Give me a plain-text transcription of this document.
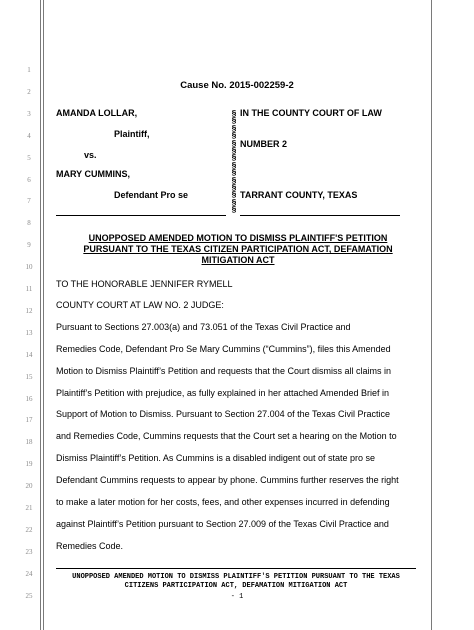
1
2
3
4
5
6
7
8
9
10
11
12
13
14
15
16
17
18
19
20
21
22
23
24
25
Cause No. 2015-002259-2
AMANDA LOLLAR,
Plaintiff,
vs.
MARY CUMMINS,
Defendant Pro se
§
§
§
§
§
§
§
§
§
§
§
§
§
§
IN THE COUNTY COURT OF LAW
NUMBER 2
TARRANT COUNTY, TEXAS
UNOPPOSED AMENDED MOTION TO DISMISS PLAINTIFF'S PETITION
PURSUANT TO THE TEXAS CITIZEN PARTICIPATION ACT, DEFAMATION
MITIGATION ACT
TO THE HONORABLE JENNIFER RYMELL
COUNTY COURT AT LAW NO. 2 JUDGE:
Pursuant to Sections 27.003(a) and 73.051 of the Texas Civil Practice and
Remedies Code, Defendant Pro Se Mary Cummins (“Cummins”), files this Amended
Motion to Dismiss Plaintiff’s Petition and requests that the Court dismiss all claims in
Plaintiff’s Petition with prejudice, as fully explained in her attached Amended Brief in
Support of Motion to Dismiss. Pursuant to Section 27.004 of the Texas Civil Practice
and Remedies Code, Cummins requests that the Court set a hearing on the Motion to
Dismiss Plaintiff’s Petition. As Cummins is a disabled indigent out of state pro se
Defendant Cummins requests to appear by phone. Cummins further reserves the right
to make a later motion for her costs, fees, and other expenses incurred in defending
against Plaintiff’s Petition pursuant to Section 27.009 of the Texas Civil Practice and
Remedies Code.
UNOPPOSED AMENDED MOTION TO DISMISS PLAINTIFF'S PETITION PURSUANT TO THE TEXAS
CITIZENS PARTICIPATION ACT, DEFAMATION MITIGATION ACT
- 1
